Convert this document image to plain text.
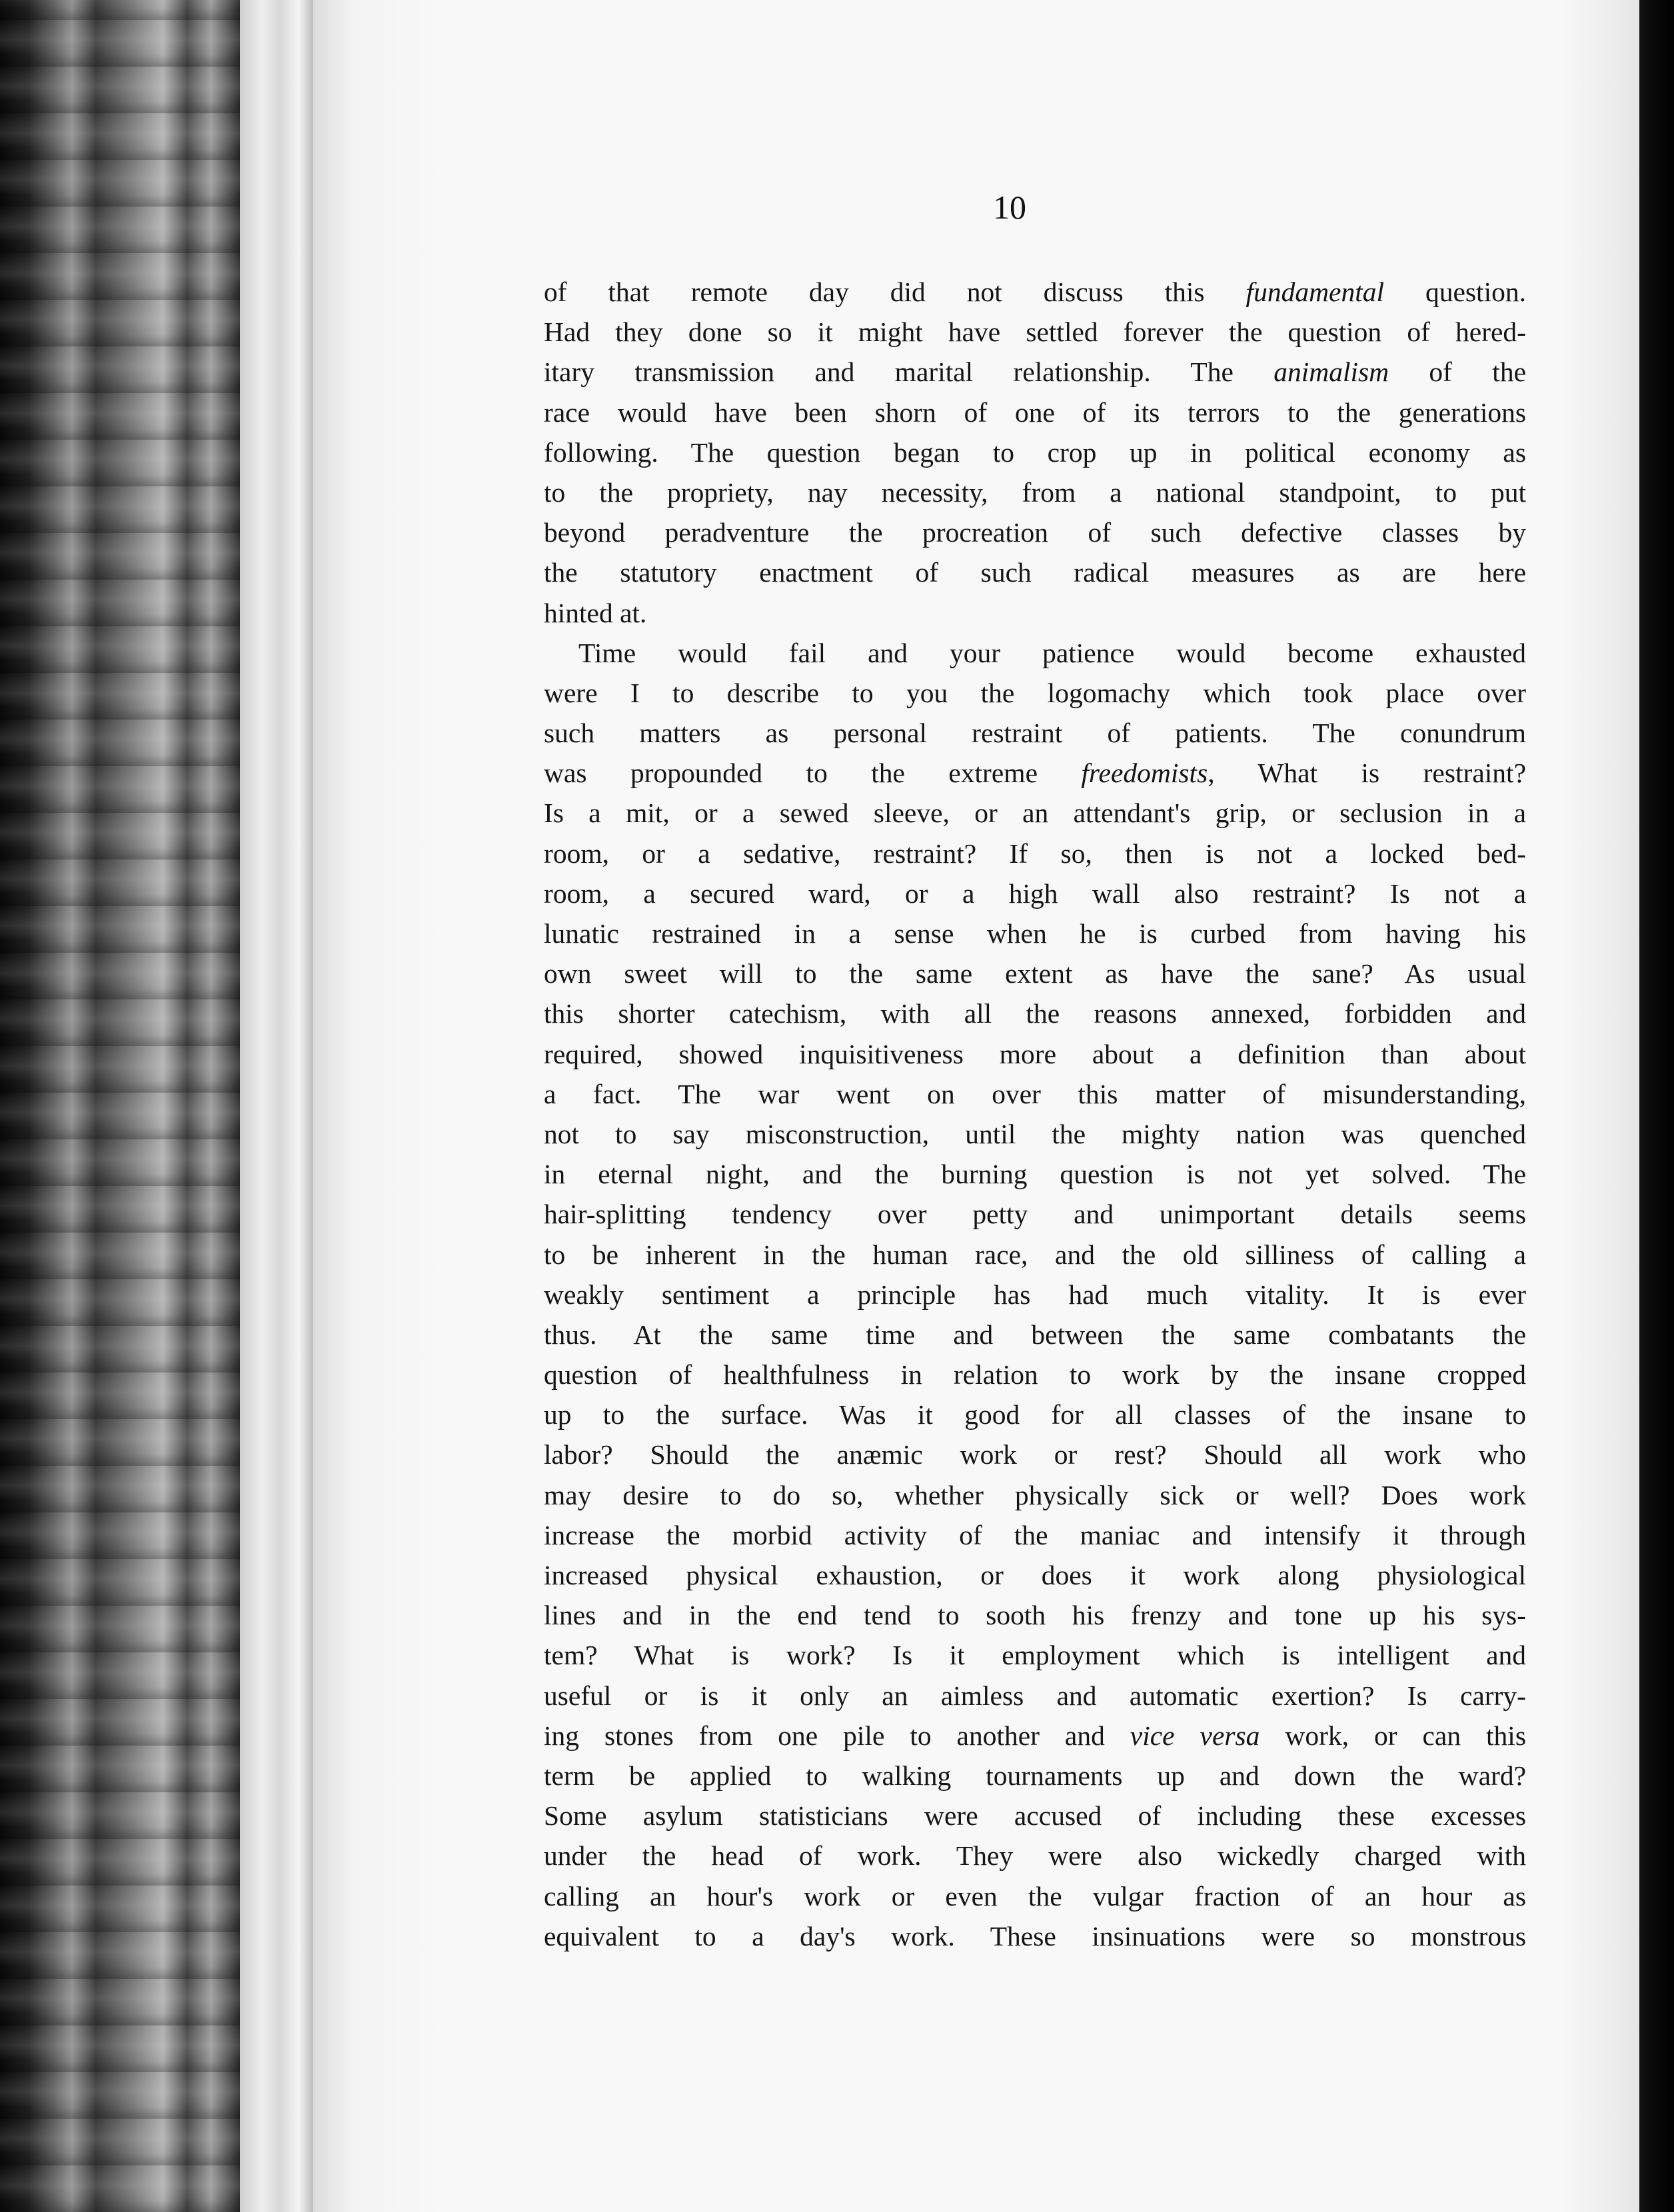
10
of that remote day did not discuss this fundamental question.
Had they done so it might have settled forever the question of hered-
itary transmission and marital relationship. The animalism of the
race would have been shorn of one of its terrors to the generations
following. The question began to crop up in political economy as
to the propriety, nay necessity, from a national standpoint, to put
beyond peradventure the procreation of such defective classes by
the statutory enactment of such radical measures as are here
hinted at.
Time would fail and your patience would become exhausted
were I to describe to you the logomachy which took place over
such matters as personal restraint of patients. The conundrum
was propounded to the extreme freedomists, What is restraint?
Is a mit, or a sewed sleeve, or an attendant's grip, or seclusion in a
room, or a sedative, restraint? If so, then is not a locked bed-
room, a secured ward, or a high wall also restraint? Is not a
lunatic restrained in a sense when he is curbed from having his
own sweet will to the same extent as have the sane? As usual
this shorter catechism, with all the reasons annexed, forbidden and
required, showed inquisitiveness more about a definition than about
a fact. The war went on over this matter of misunderstanding,
not to say misconstruction, until the mighty nation was quenched
in eternal night, and the burning question is not yet solved. The
hair-splitting tendency over petty and unimportant details seems
to be inherent in the human race, and the old silliness of calling a
weakly sentiment a principle has had much vitality. It is ever
thus. At the same time and between the same combatants the
question of healthfulness in relation to work by the insane cropped
up to the surface. Was it good for all classes of the insane to
labor? Should the anæmic work or rest? Should all work who
may desire to do so, whether physically sick or well? Does work
increase the morbid activity of the maniac and intensify it through
increased physical exhaustion, or does it work along physiological
lines and in the end tend to sooth his frenzy and tone up his sys-
tem? What is work? Is it employment which is intelligent and
useful or is it only an aimless and automatic exertion? Is carry-
ing stones from one pile to another and vice versa work, or can this
term be applied to walking tournaments up and down the ward?
Some asylum statisticians were accused of including these excesses
under the head of work. They were also wickedly charged with
calling an hour's work or even the vulgar fraction of an hour as
equivalent to a day's work. These insinuations were so monstrous
